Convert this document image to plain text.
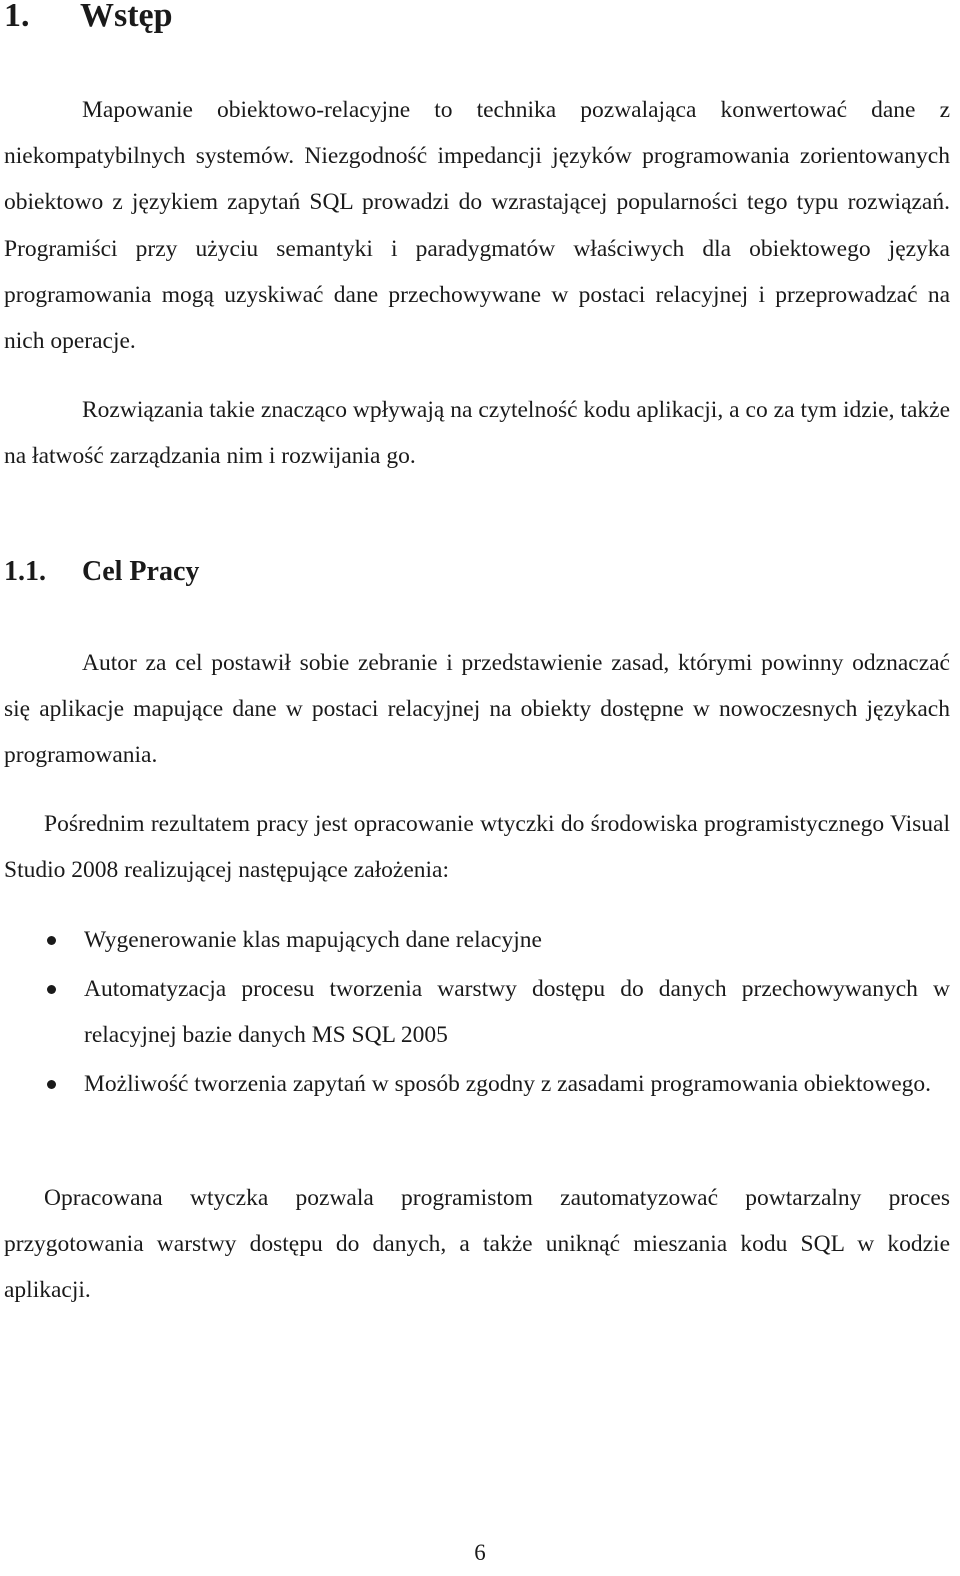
1. Wstęp

Mapowanie obiektowo-relacyjne to technika pozwalająca konwertować dane z niekompatybilnych systemów. Niezgodność impedancji języków programowania zorientowanych obiektowo z językiem zapytań SQL prowadzi do wzrastającej popularności tego typu rozwiązań. Programiści przy użyciu semantyki i paradygmatów właściwych dla obiektowego języka programowania mogą uzyskiwać dane przechowywane w postaci relacyjnej i przeprowadzać na nich operacje.

Rozwiązania takie znacząco wpływają na czytelność kodu aplikacji, a co za tym idzie, także na łatwość zarządzania nim i rozwijania go.

1.1. Cel Pracy

Autor za cel postawił sobie zebranie i przedstawienie zasad, którymi powinny odznaczać się aplikacje mapujące dane w postaci relacyjnej na obiekty dostępne w nowoczesnych językach programowania.

Pośrednim rezultatem pracy jest opracowanie wtyczki do środowiska programistycznego Visual Studio 2008 realizującej następujące założenia:

Wygenerowanie klas mapujących dane relacyjne
Automatyzacja procesu tworzenia warstwy dostępu do danych przechowywanych w relacyjnej bazie danych MS SQL 2005
Możliwość tworzenia zapytań w sposób zgodny z zasadami programowania obiektowego.

Opracowana wtyczka pozwala programistom zautomatyzować powtarzalny proces przygotowania warstwy dostępu do danych, a także uniknąć mieszania kodu SQL w kodzie aplikacji.

6
